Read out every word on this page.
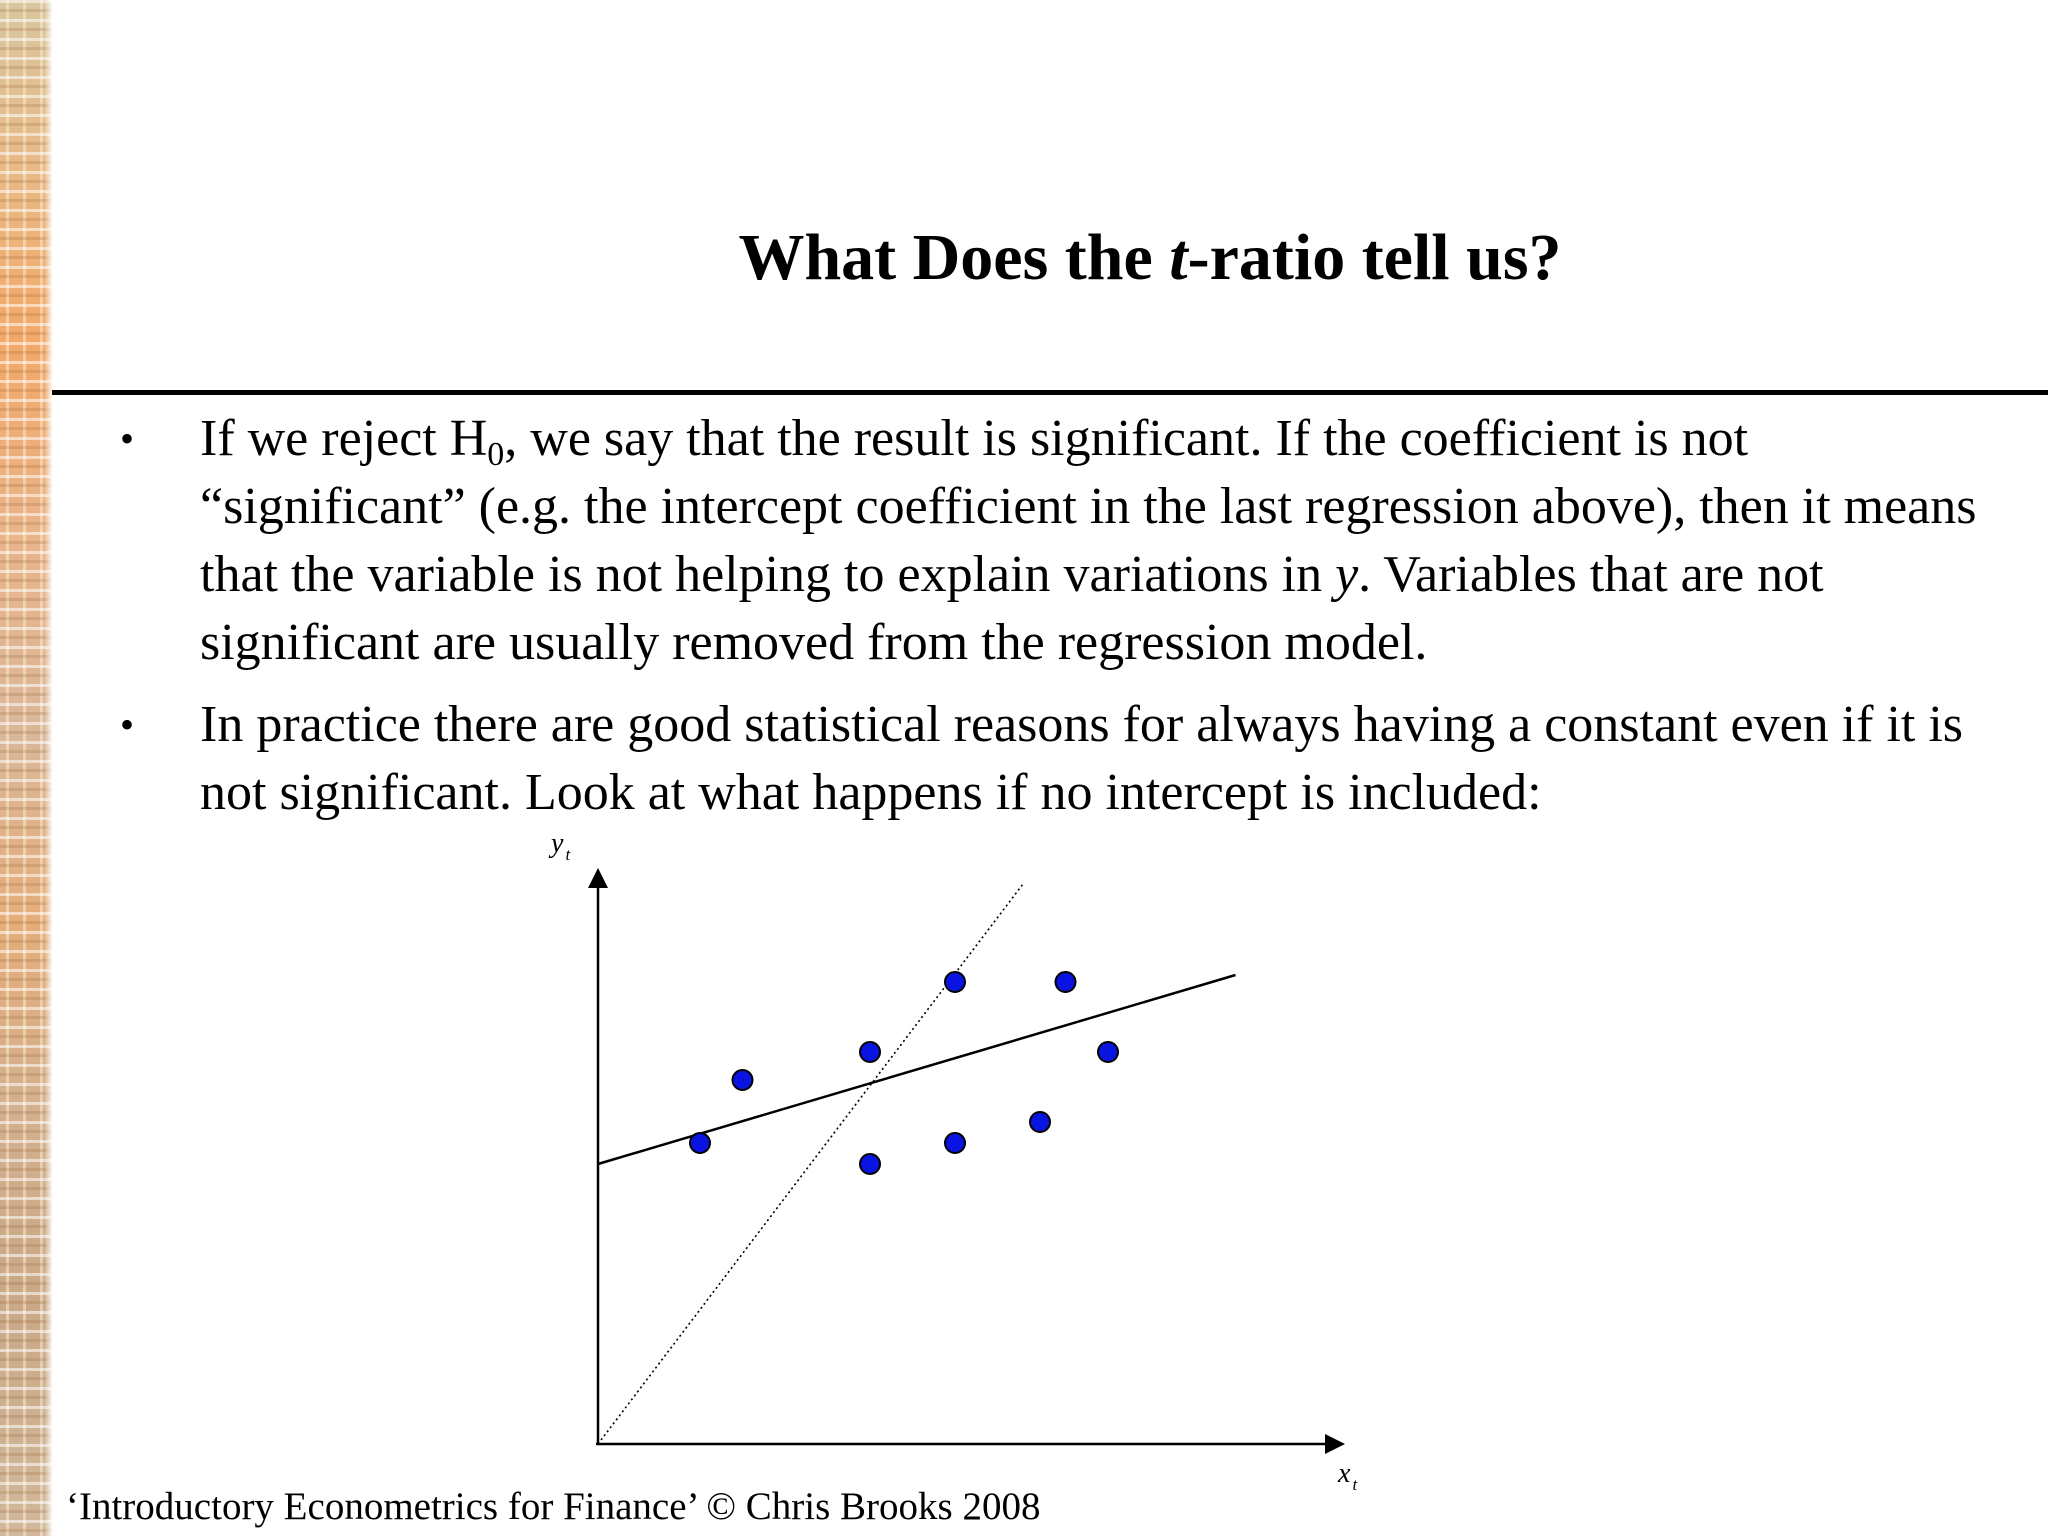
What Does the t-ratio tell us?
•	If we reject $H_0$, we say that the result is significant. If the coefficient is not “significant” (e.g. the intercept coefficient in the last regression above), then it means that the variable is not helping to explain variations in y. Variables that are not significant are usually removed from the regression model.
•	In practice there are good statistical reasons for always having a constant even if it is not significant. Look at what happens if no intercept is included:
y $_t$
x $_t$
‘Introductory Econometrics for Finance’ © Chris Brooks 2008
